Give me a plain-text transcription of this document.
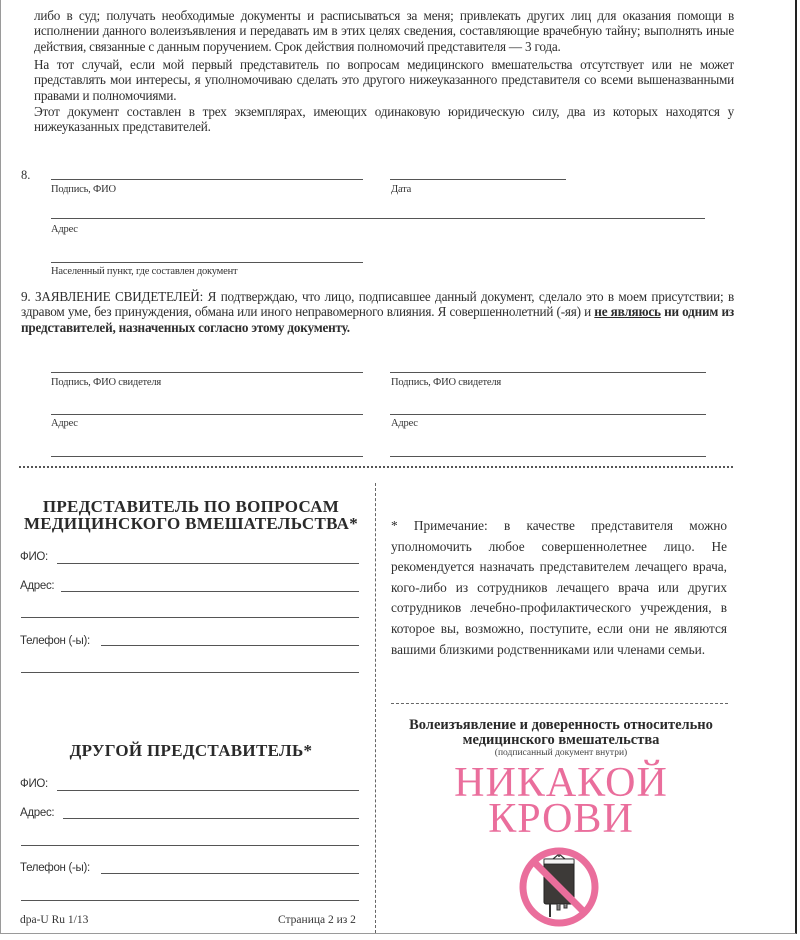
либо в суд; получать необходимые документы и расписываться за меня; привлекать других лиц для оказания помощи в исполнении данного волеизъявления и передавать им в этих целях сведения, составляющие врачебную тайну; выполнять иные действия, связанные с данным поручением. Срок действия полномочий представителя — 3 года.
На тот случай, если мой первый представитель по вопросам медицинского вмешательства отсутствует или не может представлять мои интересы, я уполномочиваю сделать это другого нижеуказанного представителя со всеми вышеназванными правами и полномочиями.
Этот документ составлен в трех экземплярах, имеющих одинаковую юридическую силу, два из которых находятся у нижеуказанных представителей.
8.
Подпись, ФИО	Дата
Адрес
Населенный пункт, где составлен документ
9. ЗАЯВЛЕНИЕ СВИДЕТЕЛЕЙ: Я подтверждаю, что лицо, подписавшее данный документ, сделало это в моем присутствии; в здравом уме, без принуждения, обмана или иного неправомерного влияния. Я совершеннолетний (-яя) и не являюсь ни одним из представителей, назначенных согласно этому документу.
Подпись, ФИО свидетеля	Подпись, ФИО свидетеля
Адрес	Адрес
ПРЕДСТАВИТЕЛЬ ПО ВОПРОСАМ
МЕДИЦИНСКОГО ВМЕШАТЕЛЬСТВА*
ФИО:
Адрес:
Телефон (-ы):
* Примечание: в качестве представителя можно уполномочить любое совершеннолетнее лицо. Не рекомендуется назначать представителем лечащего врача, кого-либо из сотрудников лечащего врача или других сотрудников лечебно-профилактического учреждения, в которое вы, возможно, поступите, если они не являются вашими близкими родственниками или членами семьи.
Волеизъявление и доверенность относительно
медицинского вмешательства
(подписанный документ внутри)
НИКАКОЙ
КРОВИ
ДРУГОЙ ПРЕДСТАВИТЕЛЬ*
ФИО:
Адрес:
Телефон (-ы):
dpa-U Ru 1/13	Страница 2 из 2
